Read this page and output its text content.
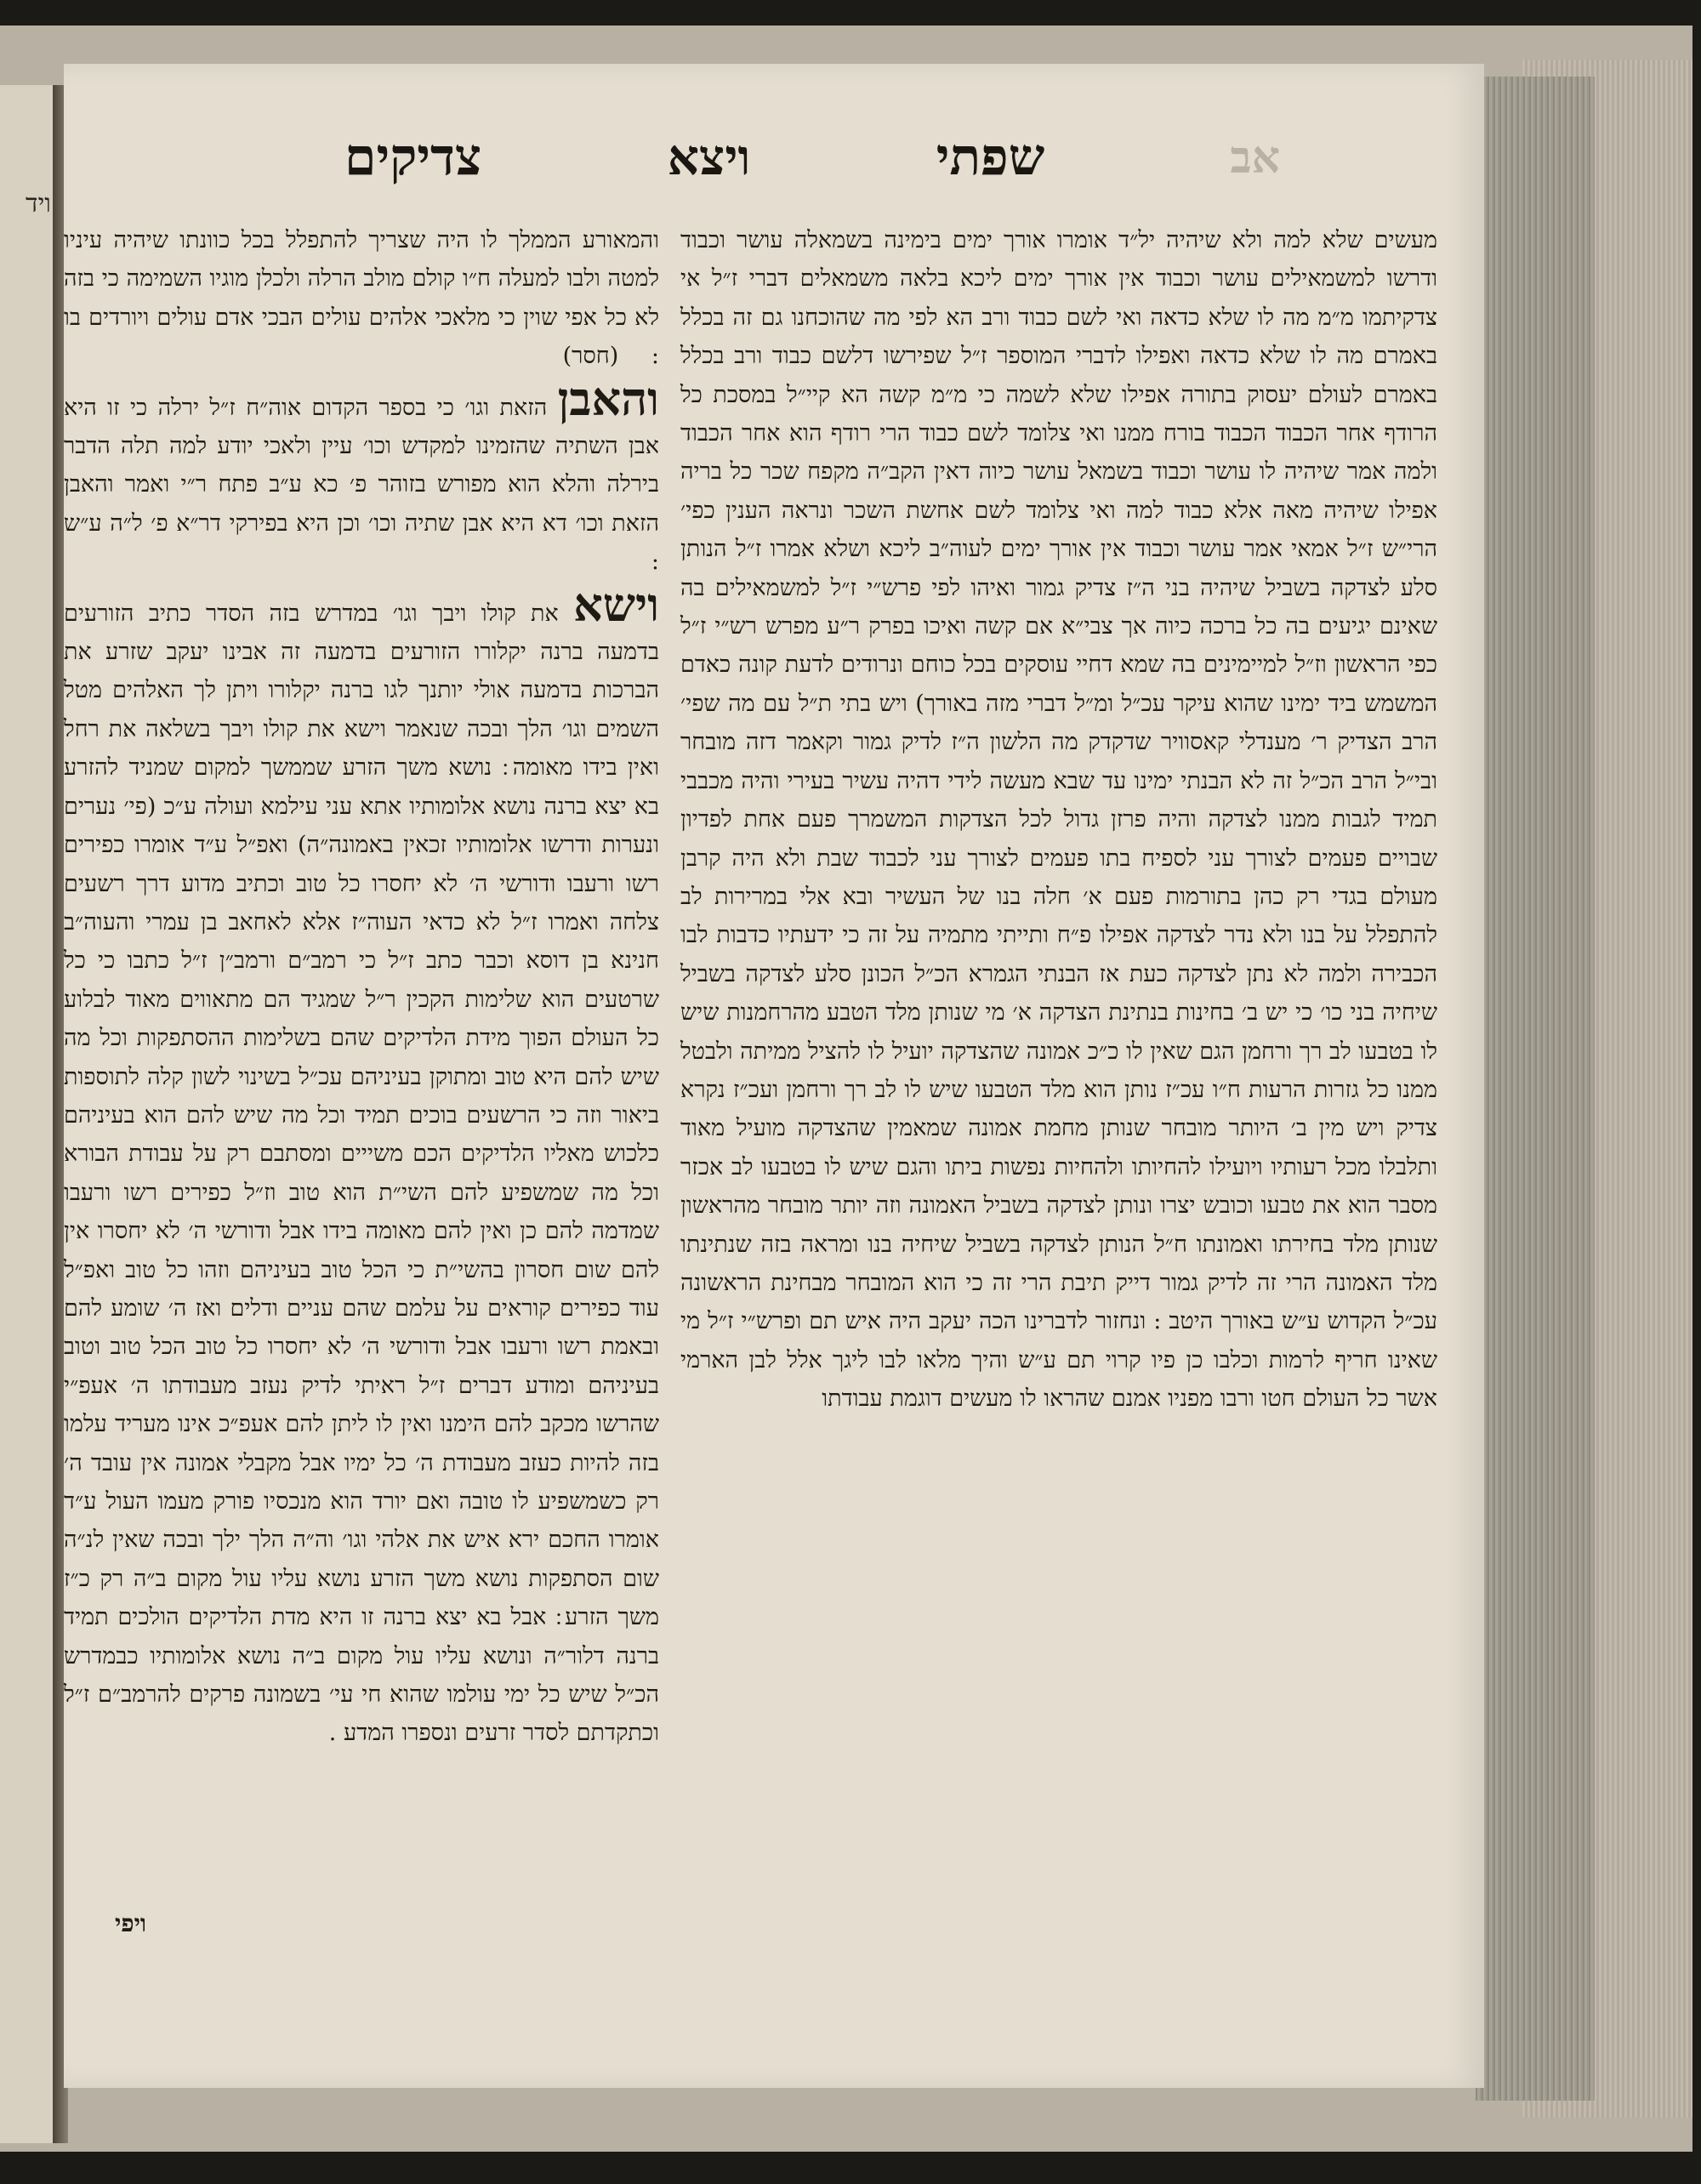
ויד
אב
שפתי
ויצא
צדיקים

מעשים שלא למה ולא שיהיה יל״ד אומרו אורך ימים בימינה בשמאלה עושר וכבוד ודרשו למשמאילים עושר וכבוד אין אורך ימים ליכא בלאה משמאלים דברי ז״ל אי צדקיתמו מ״מ מה לו שלא כדאה ואי לשם כבוד ורב הא לפי מה שהוכחנו גם זה בכלל באמרם מה לו שלא כדאה ואפילו לדברי המוספר ז״ל שפירשו דלשם כבוד ורב בכלל באמרם לעולם יעסוק בתורה אפילו שלא לשמה כי מ״מ קשה הא קיי״ל במסכת כל הרודף אחר הכבוד הכבוד בורח ממנו ואי צלומד לשם כבוד הרי רודף הוא אחר הכבוד ולמה אמר שיהיה לו עושר וכבוד בשמאל עושר כיוה דאין הקב״ה מקפח שכר כל בריה אפילו שיהיה מאה אלא כבוד למה ואי צלומד לשם אחשת השכר ונראה הענין כפי׳ הרי״ש ז״ל אמאי אמר עושר וכבוד אין אורך ימים לעוה״ב ליכא ושלא אמרו ז״ל הנותן סלע לצדקה בשביל שיהיה בני ה״ז צדיק גמור ואיהו לפי פרש״י ז״ל למשמאילים בה שאינם יגיעים בה כל ברכה כיוה אך צבי״א אם קשה ואיכו בפרק ר״ע מפרש רש״י ז״ל כפי הראשון וז״ל למיימינים בה שמא דחיי עוסקים בכל כוחם ונרודים לדעת קונה כאדם המשמש ביד ימינו שהוא עיקר עכ״ל ומ״ל דברי מזה באורך) ויש בתי ת״ל עם מה שפי׳ הרב הצדיק ר׳ מענדלי קאסוויר שדקדק מה הלשון ה״ז לדיק גמור וקאמר דזה מובחר ובי״ל הרב הכ״ל זה לא הבנתי ימינו עד שבא מעשה לידי דהיה עשיר בעירי והיה מכבבי תמיד לגבות ממנו לצדקה והיה פרזן גדול לכל הצדקות המשמרך פעם אחת לפדיון שבויים פעמים לצורך עני לספיח בתו פעמים לצורך עני לכבוד שבת ולא היה קרבן מעולם בגדי רק כהן בתורמות פעם א׳ חלה בנו של העשיר ובא אלי במרירות לב להתפלל על בנו ולא נדר לצדקה אפילו פ״ח ותייתי מתמיה על זה כי ידעתיו כדבות לבו הכבירה ולמה לא נתן לצדקה כעת אז הבנתי הגמרא הכ״ל הכונן סלע לצדקה בשביל שיחיה בני כו׳ כי יש ב׳ בחינות בנתינת הצדקה א׳ מי שנותן מלד הטבע מהרחמנות שיש לו בטבעו לב רך ורחמן הגם שאין לו כ״כ אמונה שהצדקה יועיל לו להציל ממיתה ולבטל ממנו כל גזרות הרעות ח״ו עכ״ז נותן הוא מלד הטבעו שיש לו לב רך ורחמן ועכ״ז נקרא צדיק ויש מין ב׳ היותר מובחר שנותן מחמת אמונה שמאמין שהצדקה מועיל מאוד ותלבלו מכל רעותיו ויועילו להחיותו ולהחיות נפשות ביתו והגם שיש לו בטבעו לב אכזר מסבר הוא את טבעו וכובש יצרו ונותן לצדקה בשביל האמונה וזה יותר מובחר מהראשון שנותן מלד בחירתו ואמונתו ח״ל הנותן לצדקה בשביל שיחיה בנו ומראה בזה שנתינתו מלד האמונה הרי זה לדיק גמור דייק תיבת הרי זה כי הוא המובחר מבחינת הראשונה עכ״ל הקדוש ע״ש באורך היטב : ונחזור לדברינו הכה יעקב היה איש תם ופרש״י ז״ל מי שאינו חריף לרמות וכלבו כן פיו קרוי תם ע״ש והיך מלאו לבו ליגך אלל לבן הארמי אשר כל העולם חטו ורבו מפניו אמנם שהראו לו מעשים דוגמת עבודתו

והמאורע הממלך לו היה שצריך להתפלל בכל כוונתו שיהיה עיניו למטה ולבו למעלה ח״ו קולם מולב הרלה ולכלן מוגיו השמימה כי בזה לא כל אפי שוין כי מלאכי אלהים עולים הבכי אדם עולים ויורדים בו : (חסר)

והאבן הזאת וגו׳ כי בספר הקדום אוה״ח ז״ל ירלה כי זו היא אבן השתיה שהזמינו למקדש וכו׳ עיין ולאכי יודע למה תלה הדבר בירלה והלא הוא מפורש בזוהר פ׳ כא ע״ב פתח ר״י ואמר והאבן הזאת וכו׳ דא היא אבן שתיה וכו׳ וכן היא בפירקי דר״א פ׳ ל״ה ע״ש :

וישא את קולו ויבך וגו׳ במדרש בזה הסדר כתיב הזורעים בדמעה ברנה יקלורו הזורעים בדמעה זה אבינו יעקב שזרע את הברכות בדמעה אולי יותנך לגו ברנה יקלורו ויתן לך האלהים מטל השמים וגו׳ הלך ובכה שנאמר וישא את קולו ויבך בשלאה את רחל ואין בידו מאומה ׃ נושא משך הזרע שממשך למקום שמניד להזרע בא יצא ברנה נושא אלומותיו אתא עני עילמא ועולה ע״כ (פי׳ נערים ונערות ודרשו אלומותיו זכאין באמונה״ה) ואפ״ל ע״ד אומרו כפירים רשו ורעבו ודורשי ה׳ לא יחסרו כל טוב וכתיב מדוע דרך רשעים צלחה ואמרו ז״ל לא כדאי העוה״ז אלא לאחאב בן עמרי והעוה״ב חנינא בן דוסא וכבר כתב ז״ל כי רמב״ם ורמב״ן ז״ל כתבו כי כל שרטעים הוא שלימות הקכין ר״ל שמגיד הם מתאווים מאוד לבלוע כל העולם הפוך מידת הלדיקים שהם בשלימות ההסתפקות וכל מה שיש להם היא טוב ומתוקן בעיניהם עכ״ל בשינוי לשון קלה לתוספות ביאור וזה כי הרשעים בוכים תמיד וכל מה שיש להם הוא בעיניהם כלכוש מאליו הלדיקים הכם משייים ומסתבם רק על עבודת הבורא וכל מה שמשפיע להם השי״ת הוא טוב וז״ל כפירים רשו ורעבו שמדמה להם כן ואין להם מאומה בידו אבל ודורשי ה׳ לא יחסרו אין להם שום חסרון בהשי״ת כי הכל טוב בעיניהם וזהו כל טוב ואפ״ל עוד כפירים קוראים על עלמם שהם עניים ודלים ואז ה׳ שומע להם ובאמת רשו ורעבו אבל ודורשי ה׳ לא יחסרו כל טוב הכל טוב וטוב בעיניהם ומודע דברים ז״ל ראיתי לדיק נעזב מעבודתו ה׳ אעפ״י שהרשו מכקב להם הימנו ואין לו ליתן להם אעפ״כ אינו מעריד עלמו בזה להיות כעזב מעבודת ה׳ כל ימיו אבל מקבלי אמונה אין עובד ה׳ רק כשמשפיע לו טובה ואם יורד הוא מנכסיו פורק מעמו העול ע״ד אומרו החכם ירא איש את אלהי וגו׳ וה״ה הלך ילך ובכה שאין לנ״ה שום הסתפקות נושא משך הזרע נושא עליו עול מקום ב״ה רק כ״ז משך הזרע ׃ אבל בא יצא ברנה זו היא מדת הלדיקים הולכים תמיד ברנה דלור״ה ונושא עליו עול מקום ב״ה נושא אלומותיו כבמדרש הכ״ל שיש כל ימי עולמו שהוא חי עי׳ בשמונה פרקים להרמב״ם ז״ל וכתקדתם לסדר זרעים ונספרו המדע .

ויפי
